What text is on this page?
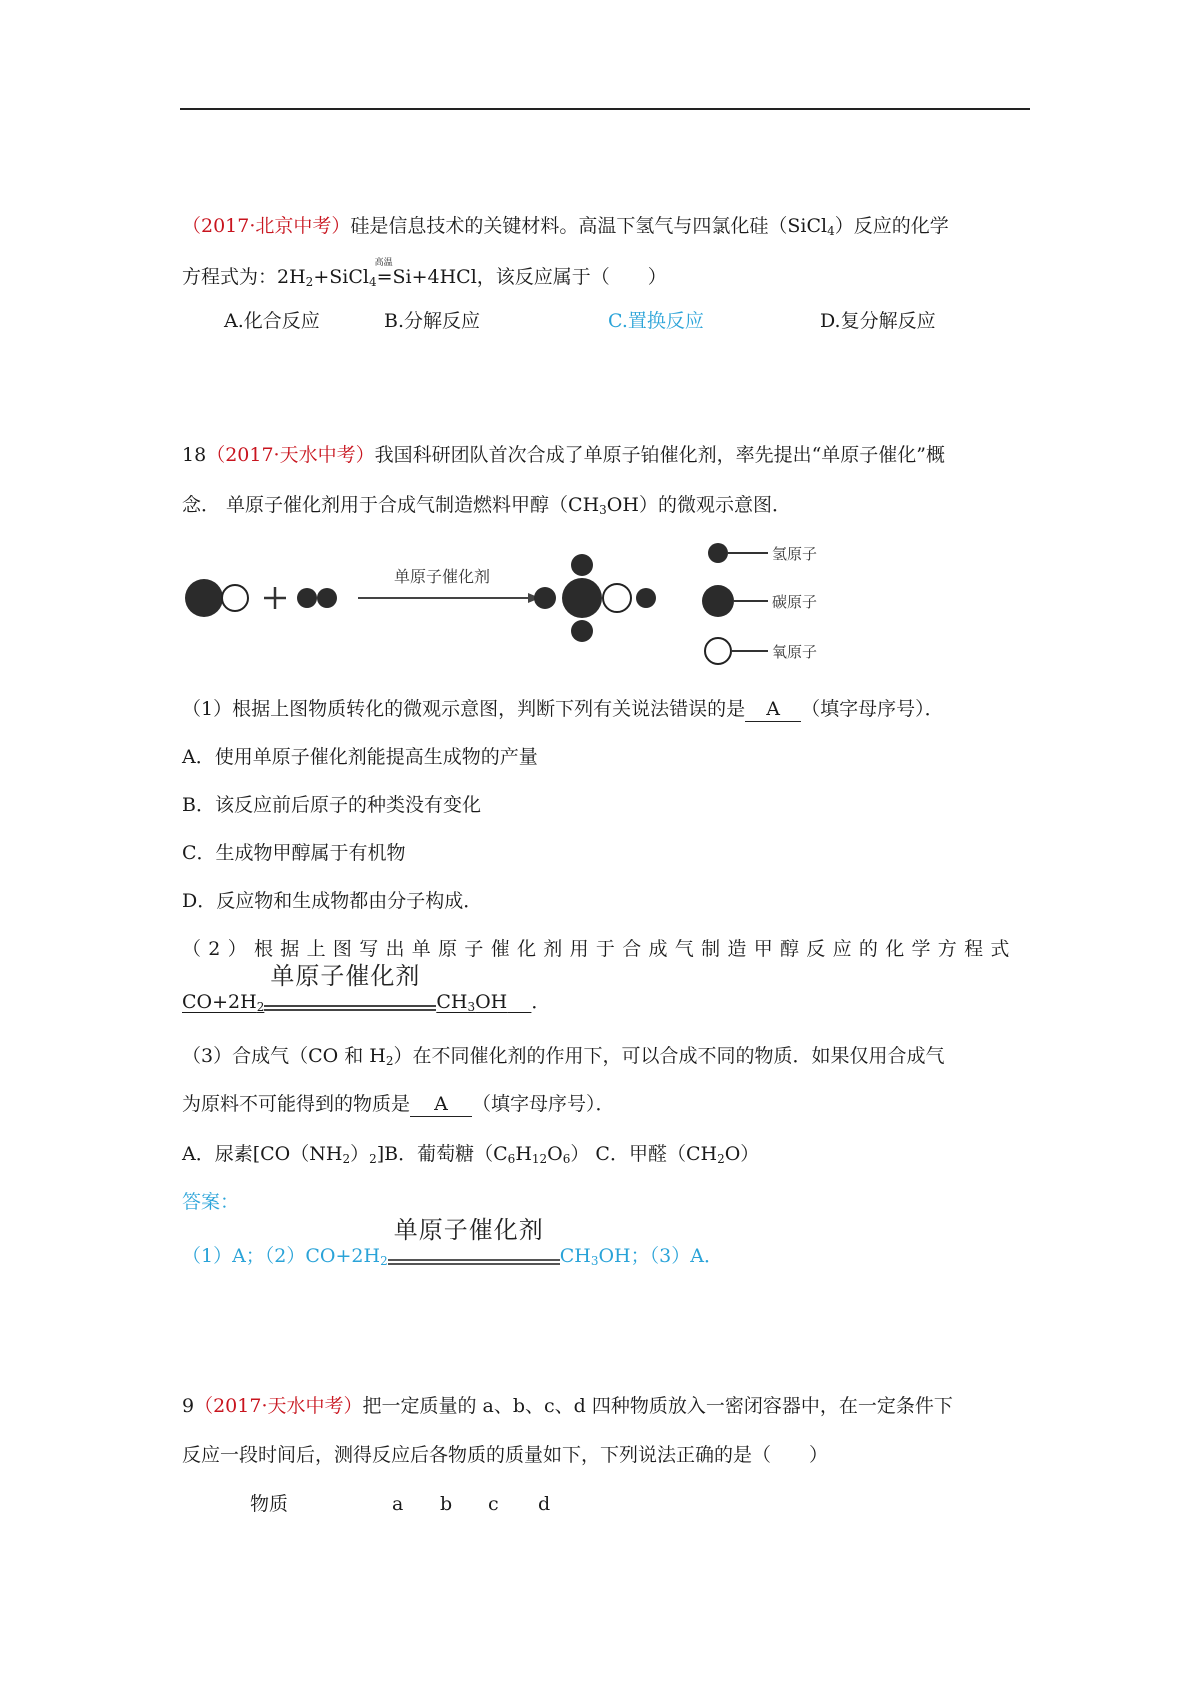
（2017·北京中考）硅是信息技术的关键材料。高温下氢气与四氯化硅（SiCl$_4$）反应的化学
方程式为：$2H_2+SiCl_4$
高温
=Si+4HCl，该反应属于（　　）
A.化合反应	B.分解反应	C.置换反应	D.复分解反应
18（2017·天水中考）我国科研团队首次合成了单原子铂催化剂，率先提出“单原子催化”概
念． 单原子催化剂用于合成气制造燃料甲醇$(CH_3OH)$的微观示意图．
单原子催化剂
氢原子
碳原子
氧原子
（1）根据上图物质转化的微观示意图，判断下列有关说法错误的是 A （填字母序号）．
A．使用单原子催化剂能提高生成物的产量
B．该反应前后原子的种类没有变化
C．生成物甲醇属于有机物
D．反应物和生成物都由分子构成．
（2）根据上图写出单原子催化剂用于合成气制造甲醇反应的化学方程式
$CO+2H_2$
单原子催化剂
$CH_3OH$ ．
（3）合成气（CO 和 $H_2$）在不同催化剂的作用下，可以合成不同的物质．如果仅用合成气
为原料不可能得到的物质是 A （填字母序号）．
A．尿素$[CO(NH_2)_2]B$．葡萄糖$(C_6H_{12}O_6)$ C．甲醛$(CH_2O)$
答案：
（1）A；$(2)CO+2H_2$
单原子催化剂
$CH_3OH$；（3）A．
9（2017·天水中考）把一定质量的 a、b、c、d 四种物质放入一密闭容器中，在一定条件下
反应一段时间后，测得反应后各物质的质量如下，下列说法正确的是（　　）
物质	a b c d
